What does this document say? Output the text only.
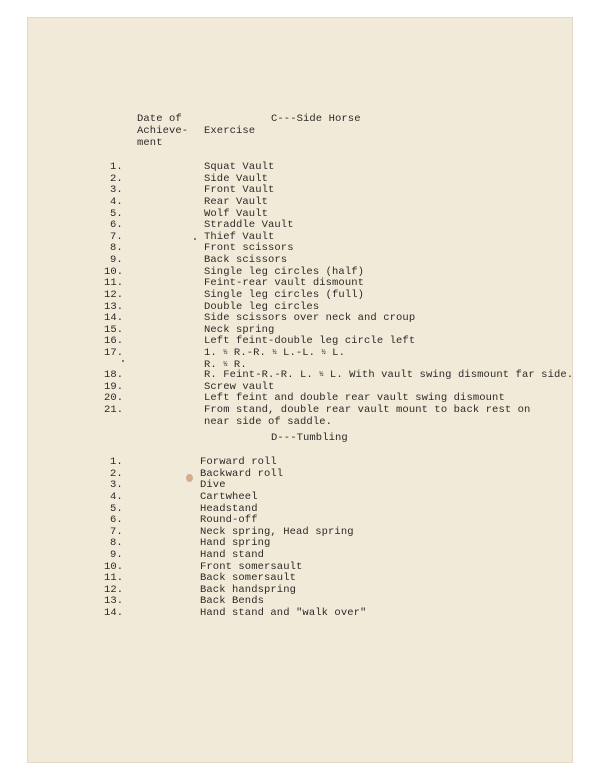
Date of
Achieve-
ment
Exercise
C---Side Horse
1.	Squat Vault
2.	Side Vault
3.	Front Vault
4.	Rear Vault
5.	Wolf Vault
6.	Straddle Vault
7.	Thief Vault
8.	Front scissors
9.	Back scissors
10.	Single leg circles (half)
11.	Feint-rear vault dismount
12.	Single leg circles (full)
13.	Double leg circles
14.	Side scissors over neck and croup
15.	Neck spring
16.	Left feint-double leg circle left
17.	1. ½ R.-R. ½ L.-L. ½ L.
R. ½ R.
18.	R. Feint-R.-R. L. ½ L. With vault swing dismount far side.
19.	Screw vault
20.	Left feint and double rear vault swing dismount
21.	From stand, double rear vault mount to back rest on
near side of saddle.
D---Tumbling
1.	Forward roll
2.	Backward roll
3.	Dive
4.	Cartwheel
5.	Headstand
6.	Round-off
7.	Neck spring, Head spring
8.	Hand spring
9.	Hand stand
10.	Front somersault
11.	Back somersault
12.	Back handspring
13.	Back Bends
14.	Hand stand and "walk over"
